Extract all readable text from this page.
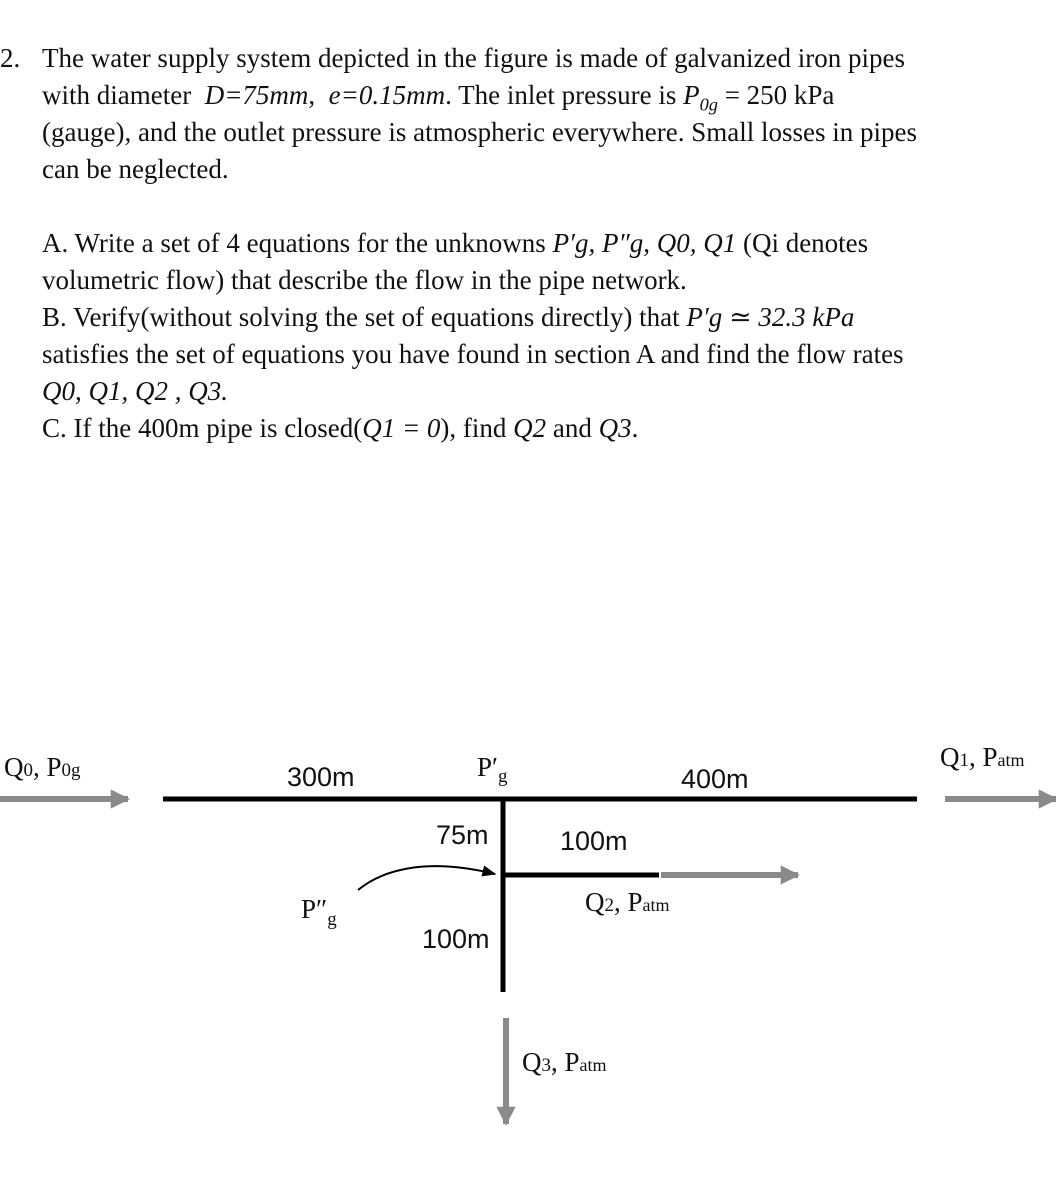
2. The water supply system depicted in the figure is made of galvanized iron pipes

with diameter D=75mm, e=0.15mm. The inlet pressure is $P_{0g} = 250$ kPa

(gauge), and the outlet pressure is atmospheric everywhere. Small losses in pipes

can be neglected.

A. Write a set of 4 equations for the unknowns P′g, P″g, Q0, Q1 (Qi denotes

volumetric flow) that describe the flow in the pipe network.

B. Verify(without solving the set of equations directly) that P′g ≃ 32.3 kPa

satisfies the set of equations you have found in section A and find the flow rates

Q0, Q1, Q2 , Q3.

C. If the 400m pipe is closed(Q1 = 0), find Q2 and Q3.

Q0, P0g	300m	$P'_g$	400m
Q1, Patm
75m	100m
$P''_g$
Q2, Patm
100m
Q3, Patm
